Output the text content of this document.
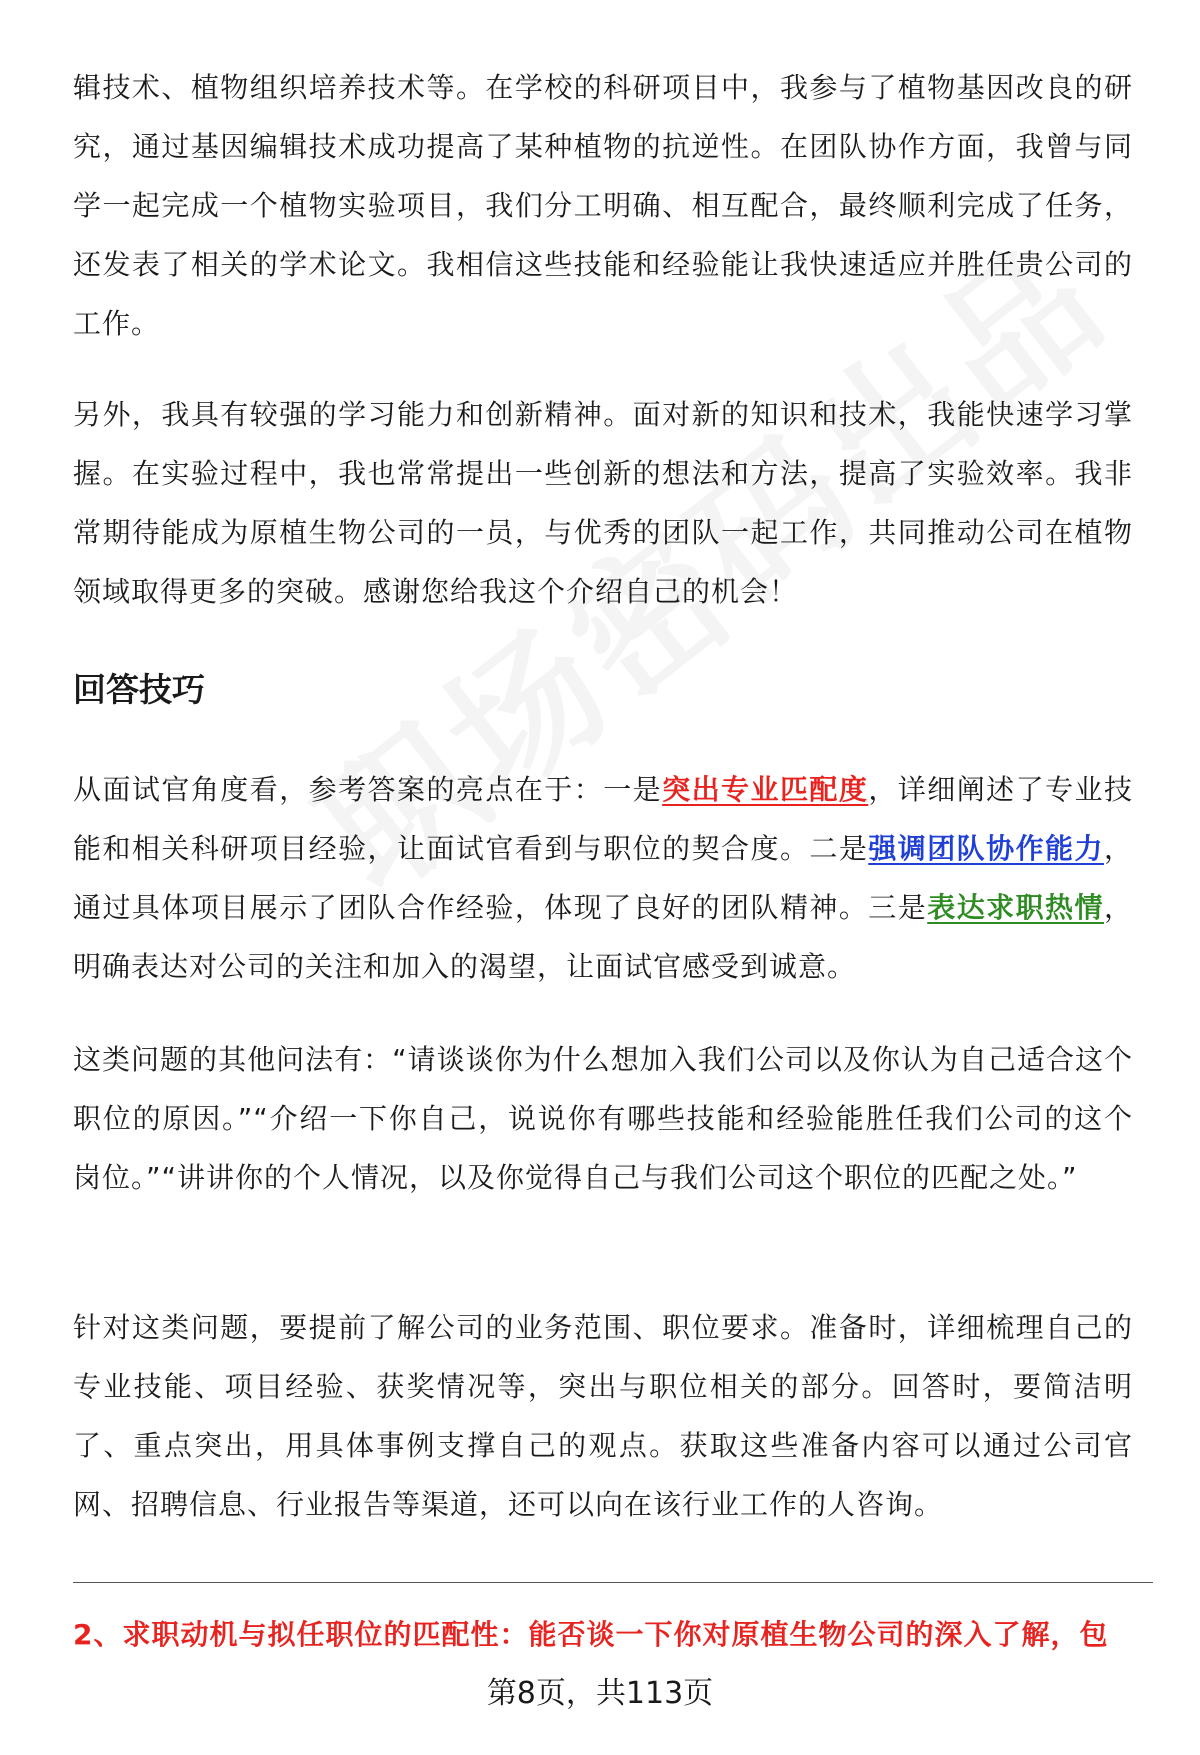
辑技术、植物组织培养技术等。在学校的科研项目中，我参与了植物基因改良的研究，通过基因编辑技术成功提高了某种植物的抗逆性。在团队协作方面，我曾与同学一起完成一个植物实验项目，我们分工明确、相互配合，最终顺利完成了任务，还发表了相关的学术论文。我相信这些技能和经验能让我快速适应并胜任贵公司的工作。

另外，我具有较强的学习能力和创新精神。面对新的知识和技术，我能快速学习掌握。在实验过程中，我也常常提出一些创新的想法和方法，提高了实验效率。我非常期待能成为原植生物公司的一员，与优秀的团队一起工作，共同推动公司在植物领域取得更多的突破。感谢您给我这个介绍自己的机会！

回答技巧

从面试官角度看，参考答案的亮点在于：一是突出专业匹配度，详细阐述了专业技能和相关科研项目经验，让面试官看到与职位的契合度。二是强调团队协作能力，通过具体项目展示了团队合作经验，体现了良好的团队精神。三是表达求职热情，明确表达对公司的关注和加入的渴望，让面试官感受到诚意。

这类问题的其他问法有：“请谈谈你为什么想加入我们公司以及你认为自己适合这个职位的原因。”“介绍一下你自己，说说你有哪些技能和经验能胜任我们公司的这个岗位。”“讲讲你的个人情况，以及你觉得自己与我们公司这个职位的匹配之处。”

针对这类问题，要提前了解公司的业务范围、职位要求。准备时，详细梳理自己的专业技能、项目经验、获奖情况等，突出与职位相关的部分。回答时，要简洁明了、重点突出，用具体事例支撑自己的观点。获取这些准备内容可以通过公司官网、招聘信息、行业报告等渠道，还可以向在该行业工作的人咨询。

2、求职动机与拟任职位的匹配性：能否谈一下你对原植生物公司的深入了解，包

第8页，共113页
